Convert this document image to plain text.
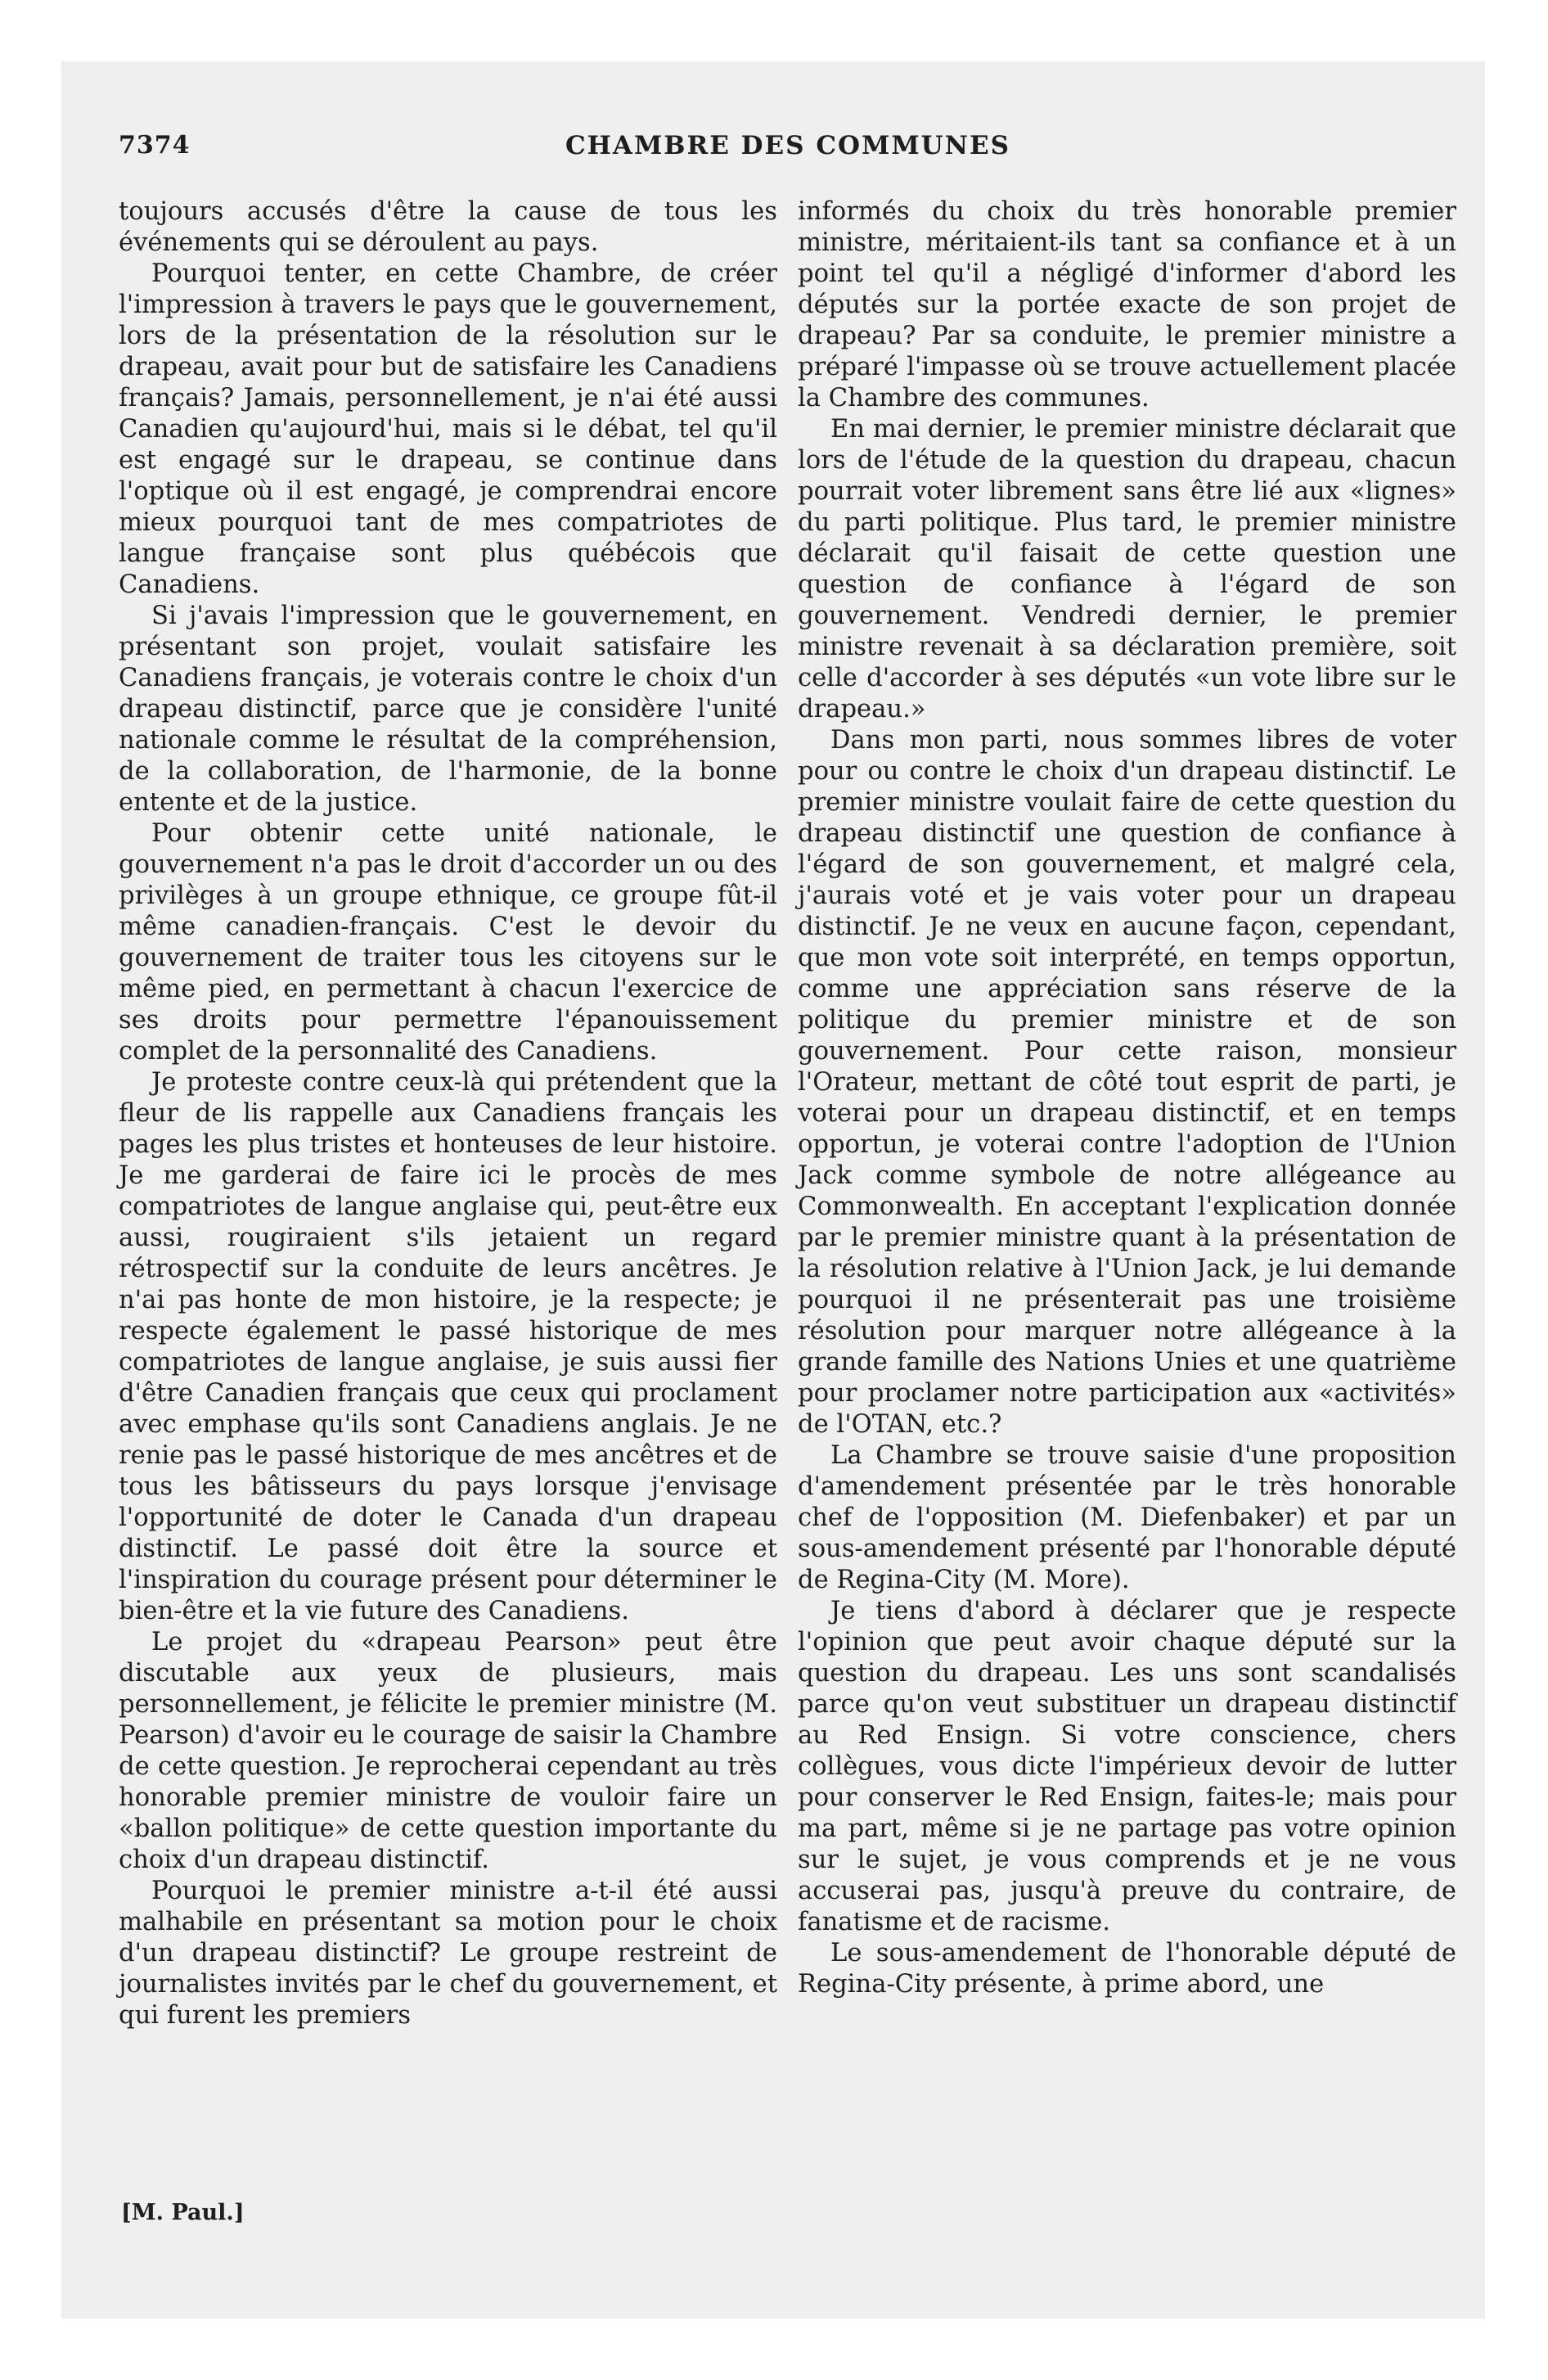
7374	CHAMBRE DES COMMUNES

toujours accusés d'être la cause de tous les événements qui se déroulent au pays.

Pourquoi tenter, en cette Chambre, de créer l'impression à travers le pays que le gouvernement, lors de la présentation de la résolution sur le drapeau, avait pour but de satisfaire les Canadiens français? Jamais, personnellement, je n'ai été aussi Canadien qu'aujourd'hui, mais si le débat, tel qu'il est engagé sur le drapeau, se continue dans l'optique où il est engagé, je comprendrai encore mieux pourquoi tant de mes compatriotes de langue française sont plus québécois que Canadiens.

Si j'avais l'impression que le gouvernement, en présentant son projet, voulait satisfaire les Canadiens français, je voterais contre le choix d'un drapeau distinctif, parce que je considère l'unité nationale comme le résultat de la compréhension, de la collaboration, de l'harmonie, de la bonne entente et de la justice.

Pour obtenir cette unité nationale, le gouvernement n'a pas le droit d'accorder un ou des privilèges à un groupe ethnique, ce groupe fût-il même canadien-français. C'est le devoir du gouvernement de traiter tous les citoyens sur le même pied, en permettant à chacun l'exercice de ses droits pour permettre l'épanouissement complet de la personnalité des Canadiens.

Je proteste contre ceux-là qui prétendent que la fleur de lis rappelle aux Canadiens français les pages les plus tristes et honteuses de leur histoire. Je me garderai de faire ici le procès de mes compatriotes de langue anglaise qui, peut-être eux aussi, rougiraient s'ils jetaient un regard rétrospectif sur la conduite de leurs ancêtres. Je n'ai pas honte de mon histoire, je la respecte; je respecte également le passé historique de mes compatriotes de langue anglaise, je suis aussi fier d'être Canadien français que ceux qui proclament avec emphase qu'ils sont Canadiens anglais. Je ne renie pas le passé historique de mes ancêtres et de tous les bâtisseurs du pays lorsque j'envisage l'opportunité de doter le Canada d'un drapeau distinctif. Le passé doit être la source et l'inspiration du courage présent pour déterminer le bien-être et la vie future des Canadiens.

Le projet du «drapeau Pearson» peut être discutable aux yeux de plusieurs, mais personnellement, je félicite le premier ministre (M. Pearson) d'avoir eu le courage de saisir la Chambre de cette question. Je reprocherai cependant au très honorable premier ministre de vouloir faire un «ballon politique» de cette question importante du choix d'un drapeau distinctif.

Pourquoi le premier ministre a-t-il été aussi malhabile en présentant sa motion pour le choix d'un drapeau distinctif? Le groupe restreint de journalistes invités par le chef du gouvernement, et qui furent les premiers

informés du choix du très honorable premier ministre, méritaient-ils tant sa confiance et à un point tel qu'il a négligé d'informer d'abord les députés sur la portée exacte de son projet de drapeau? Par sa conduite, le premier ministre a préparé l'impasse où se trouve actuellement placée la Chambre des communes.

En mai dernier, le premier ministre déclarait que lors de l'étude de la question du drapeau, chacun pourrait voter librement sans être lié aux «lignes» du parti politique. Plus tard, le premier ministre déclarait qu'il faisait de cette question une question de confiance à l'égard de son gouvernement. Vendredi dernier, le premier ministre revenait à sa déclaration première, soit celle d'accorder à ses députés «un vote libre sur le drapeau.»

Dans mon parti, nous sommes libres de voter pour ou contre le choix d'un drapeau distinctif. Le premier ministre voulait faire de cette question du drapeau distinctif une question de confiance à l'égard de son gouvernement, et malgré cela, j'aurais voté et je vais voter pour un drapeau distinctif. Je ne veux en aucune façon, cependant, que mon vote soit interprété, en temps opportun, comme une appréciation sans réserve de la politique du premier ministre et de son gouvernement. Pour cette raison, monsieur l'Orateur, mettant de côté tout esprit de parti, je voterai pour un drapeau distinctif, et en temps opportun, je voterai contre l'adoption de l'Union Jack comme symbole de notre allégeance au Commonwealth. En acceptant l'explication donnée par le premier ministre quant à la présentation de la résolution relative à l'Union Jack, je lui demande pourquoi il ne présenterait pas une troisième résolution pour marquer notre allégeance à la grande famille des Nations Unies et une quatrième pour proclamer notre participation aux «activités» de l'OTAN, etc.?

La Chambre se trouve saisie d'une proposition d'amendement présentée par le très honorable chef de l'opposition (M. Diefenbaker) et par un sous-amendement présenté par l'honorable député de Regina-City (M. More).

Je tiens d'abord à déclarer que je respecte l'opinion que peut avoir chaque député sur la question du drapeau. Les uns sont scandalisés parce qu'on veut substituer un drapeau distinctif au Red Ensign. Si votre conscience, chers collègues, vous dicte l'impérieux devoir de lutter pour conserver le Red Ensign, faites-le; mais pour ma part, même si je ne partage pas votre opinion sur le sujet, je vous comprends et je ne vous accuserai pas, jusqu'à preuve du contraire, de fanatisme et de racisme.

Le sous-amendement de l'honorable député de Regina-City présente, à prime abord, une

[M. Paul.]
